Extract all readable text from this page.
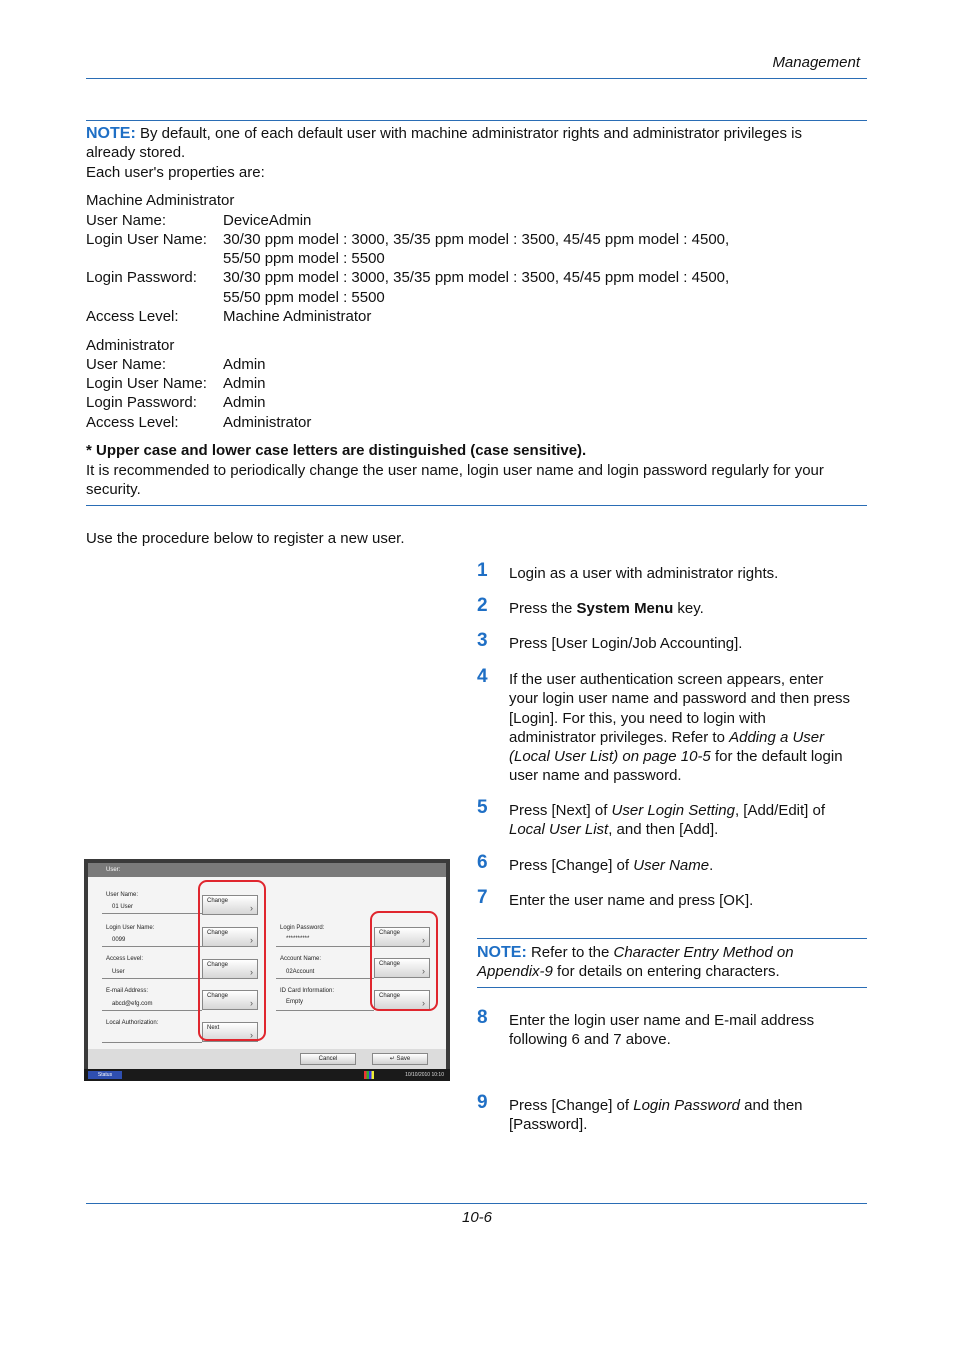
Management
NOTE: By default, one of each default user with machine administrator rights and administrator privileges is
already stored.
Each user's properties are:
Machine Administrator
User Name:	DeviceAdmin
Login User Name: 30/30 ppm model : 3000, 35/35 ppm model : 3500, 45/45 ppm model : 4500,
55/50 ppm model : 5500
Login Password: 30/30 ppm model : 3000, 35/35 ppm model : 3500, 45/45 ppm model : 4500,
55/50 ppm model : 5500
Access Level:	Machine Administrator
Administrator
User Name:	Admin
Login User Name: Admin
Login Password: Admin
Access Level:	Administrator
* Upper case and lower case letters are distinguished (case sensitive).
It is recommended to periodically change the user name, login user name and login password regularly for your
security.
Use the procedure below to register a new user.
1 Login as a user with administrator rights.
2 Press the System Menu key.
3 Press [User Login/Job Accounting].
4 If the user authentication screen appears, enter
your login user name and password and then press
[Login]. For this, you need to login with
administrator privileges. Refer to Adding a User
(Local User List) on page 10-5 for the default login
user name and password.
5 Press [Next] of User Login Setting, [Add/Edit] of
Local User List, and then [Add].
6 Press [Change] of User Name.
7 Enter the user name and press [OK].
NOTE: Refer to the Character Entry Method on
Appendix-9 for details on entering characters.
8 Enter the login user name and E-mail address
following 6 and 7 above.
9 Press [Change] of Login Password and then
[Password].
User:
User Name:
01 User
Change
›
Login User Name:
0099
Change
›
Access Level:
User
Change
›
E-mail Address:
abcd@efg.com
Change
›
Local Authorization:
Next
›
Login Password:
**********
Change
›
Account Name:
02Account
Change
›
ID Card Information:
Empty
Change
›
Cancel	↵ Save
Status	10/10/2010 10:10
10-6
